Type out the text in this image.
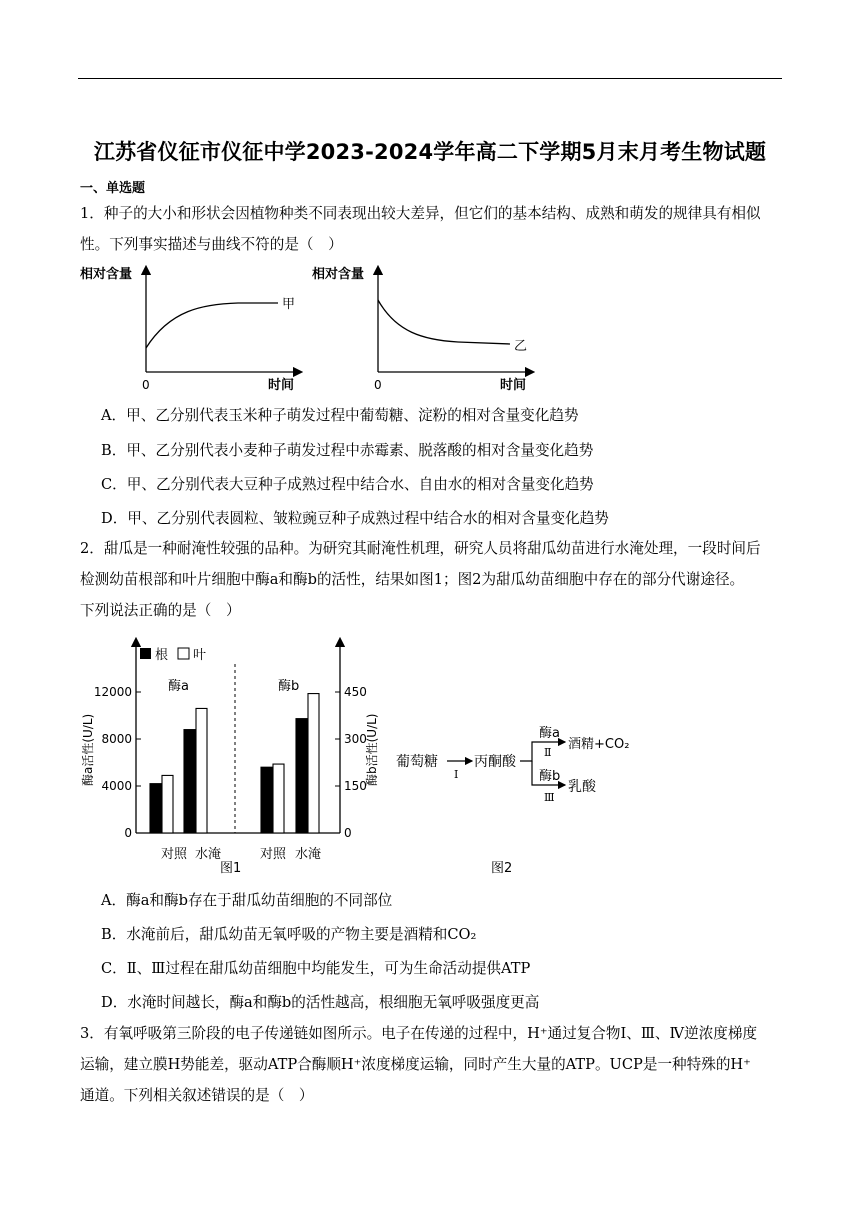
江苏省仪征市仪征中学2023-2024学年高二下学期5月末月考生物试题
一、单选题
1．种子的大小和形状会因植物种类不同表现出较大差异，但它们的基本结构、成熟和萌发的规律具有相似
性。下列事实描述与曲线不符的是（　）
相对含量
甲
0	时间
相对含量
乙
0	时间
A．甲、乙分别代表玉米种子萌发过程中葡萄糖、淀粉的相对含量变化趋势
B．甲、乙分别代表小麦种子萌发过程中赤霉素、脱落酸的相对含量变化趋势
C．甲、乙分别代表大豆种子成熟过程中结合水、自由水的相对含量变化趋势
D．甲、乙分别代表圆粒、皱粒豌豆种子成熟过程中结合水的相对含量变化趋势
2．甜瓜是一种耐淹性较强的品种。为研究其耐淹性机理，研究人员将甜瓜幼苗进行水淹处理，一段时间后
检测幼苗根部和叶片细胞中酶a和酶b的活性，结果如图1；图2为甜瓜幼苗细胞中存在的部分代谢途径。
下列说法正确的是（　）
根 叶
酶a	酶b
酶a活性(U/L)	酶b活性(U/L)
对照 水淹	对照 水淹
0
4000
8000
12000
0
150
300
450
图1
葡萄糖
Ⅰ
丙酮酸
酶a
Ⅱ
酒精+CO₂
酶b
Ⅲ
乳酸
图2
A．酶a和酶b存在于甜瓜幼苗细胞的不同部位
B．水淹前后，甜瓜幼苗无氧呼吸的产物主要是酒精和CO₂
C．Ⅱ、Ⅲ过程在甜瓜幼苗细胞中均能发生，可为生命活动提供ATP
D．水淹时间越长，酶a和酶b的活性越高，根细胞无氧呼吸强度更高
3．有氧呼吸第三阶段的电子传递链如图所示。电子在传递的过程中，H⁺通过复合物Ⅰ、Ⅲ、Ⅳ逆浓度梯度
运输，建立膜H势能差，驱动ATP合酶顺H⁺浓度梯度运输，同时产生大量的ATP。UCP是一种特殊的H⁺
通道。下列相关叙述错误的是（　）
